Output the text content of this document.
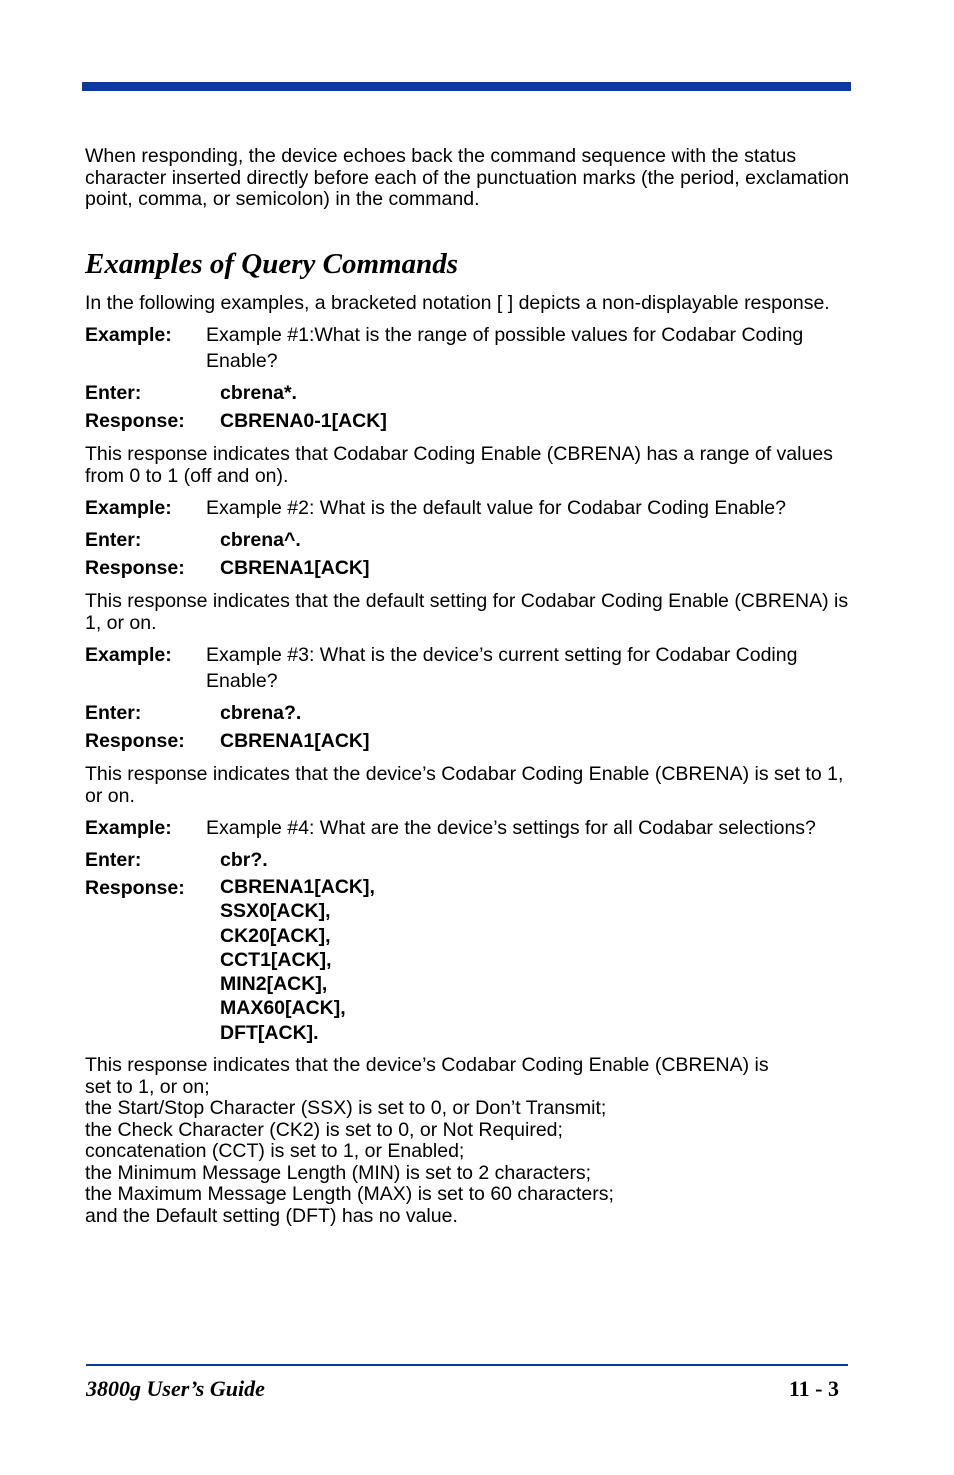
When responding, the device echoes back the command sequence with the status character inserted directly before each of the punctuation marks (the period, exclamation point, comma, or semicolon) in the command.

Examples of Query Commands

In the following examples, a bracketed notation [ ] depicts a non-displayable response.

Example:	Example #1:What is the range of possible values for Codabar Coding Enable?
Enter:	cbrena*.
Response:	CBRENA0-1[ACK]

This response indicates that Codabar Coding Enable (CBRENA) has a range of values from 0 to 1 (off and on).

Example:	Example #2: What is the default value for Codabar Coding Enable?
Enter:	cbrena^.
Response:	CBRENA1[ACK]

This response indicates that the default setting for Codabar Coding Enable (CBRENA) is 1, or on.

Example:	Example #3: What is the device’s current setting for Codabar Coding Enable?
Enter:	cbrena?.
Response:	CBRENA1[ACK]

This response indicates that the device’s Codabar Coding Enable (CBRENA) is set to 1, or on.

Example:	Example #4: What are the device’s settings for all Codabar selections?
Enter:	cbr?.
Response:	CBRENA1[ACK],
SSX0[ACK],
CK20[ACK],
CCT1[ACK],
MIN2[ACK],
MAX60[ACK],
DFT[ACK].
This response indicates that the device’s Codabar Coding Enable (CBRENA) is
set to 1, or on;
the Start/Stop Character (SSX) is set to 0, or Don’t Transmit;
the Check Character (CK2) is set to 0, or Not Required;
concatenation (CCT) is set to 1, or Enabled;
the Minimum Message Length (MIN) is set to 2 characters;
the Maximum Message Length (MAX) is set to 60 characters;
and the Default setting (DFT) has no value.
3800g User’s Guide	11 - 3
